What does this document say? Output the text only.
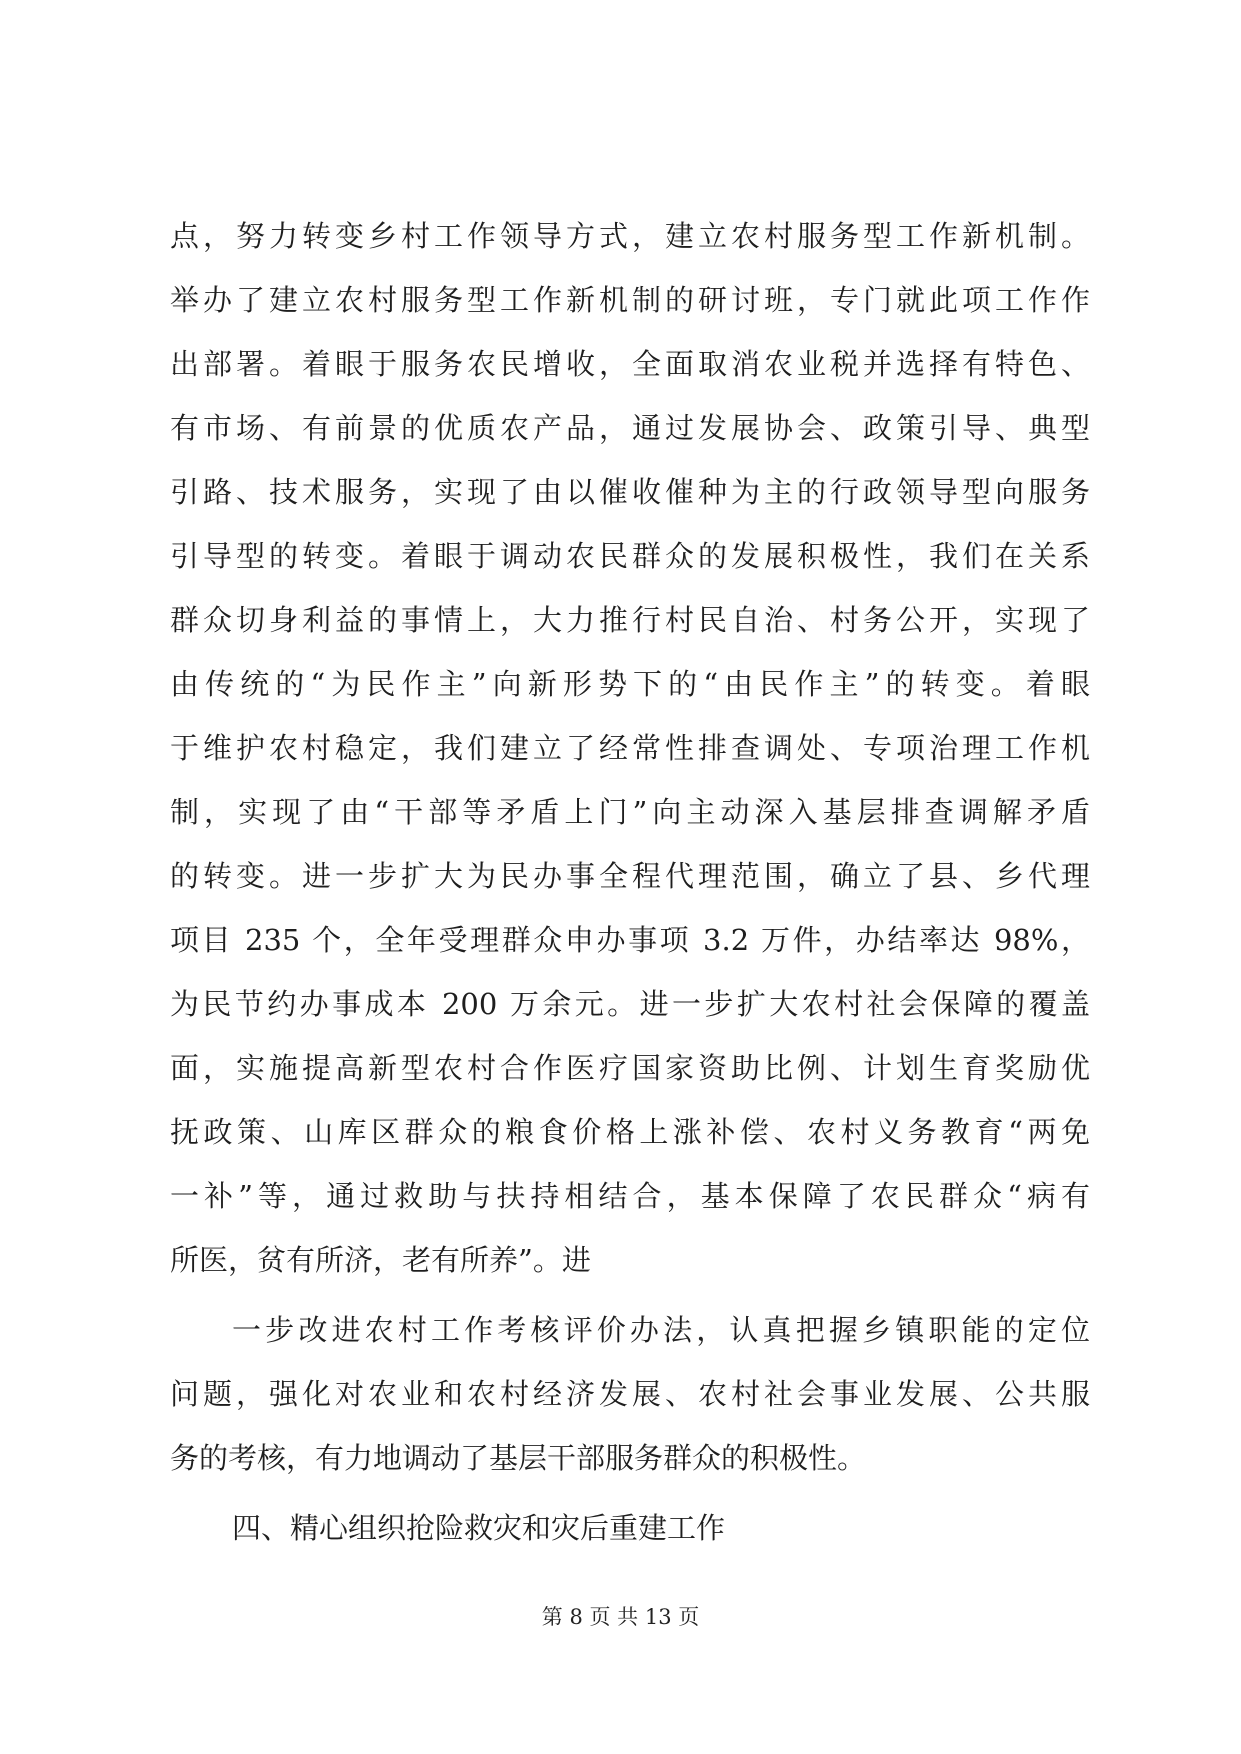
点，努力转变乡村工作领导方式，建立农村服务型工作新机制。
举办了建立农村服务型工作新机制的研讨班，专门就此项工作作
出部署。着眼于服务农民增收，全面取消农业税并选择有特色、
有市场、有前景的优质农产品，通过发展协会、政策引导、典型
引路、技术服务，实现了由以催收催种为主的行政领导型向服务
引导型的转变。着眼于调动农民群众的发展积极性，我们在关系
群众切身利益的事情上，大力推行村民自治、村务公开，实现了
由传统的“为民作主”向新形势下的“由民作主”的转变。着眼
于维护农村稳定，我们建立了经常性排查调处、专项治理工作机
制，实现了由“干部等矛盾上门”向主动深入基层排查调解矛盾
的转变。进一步扩大为民办事全程代理范围，确立了县、乡代理
项目 235 个，全年受理群众申办事项 3.2 万件，办结率达 98%，
为民节约办事成本 200 万余元。进一步扩大农村社会保障的覆盖
面，实施提高新型农村合作医疗国家资助比例、计划生育奖励优
抚政策、山库区群众的粮食价格上涨补偿、农村义务教育“两免
一补”等，通过救助与扶持相结合，基本保障了农民群众“病有
所医，贫有所济，老有所养”。进
一步改进农村工作考核评价办法，认真把握乡镇职能的定位
问题，强化对农业和农村经济发展、农村社会事业发展、公共服
务的考核，有力地调动了基层干部服务群众的积极性。
四、精心组织抢险救灾和灾后重建工作
第 8 页 共 13 页
